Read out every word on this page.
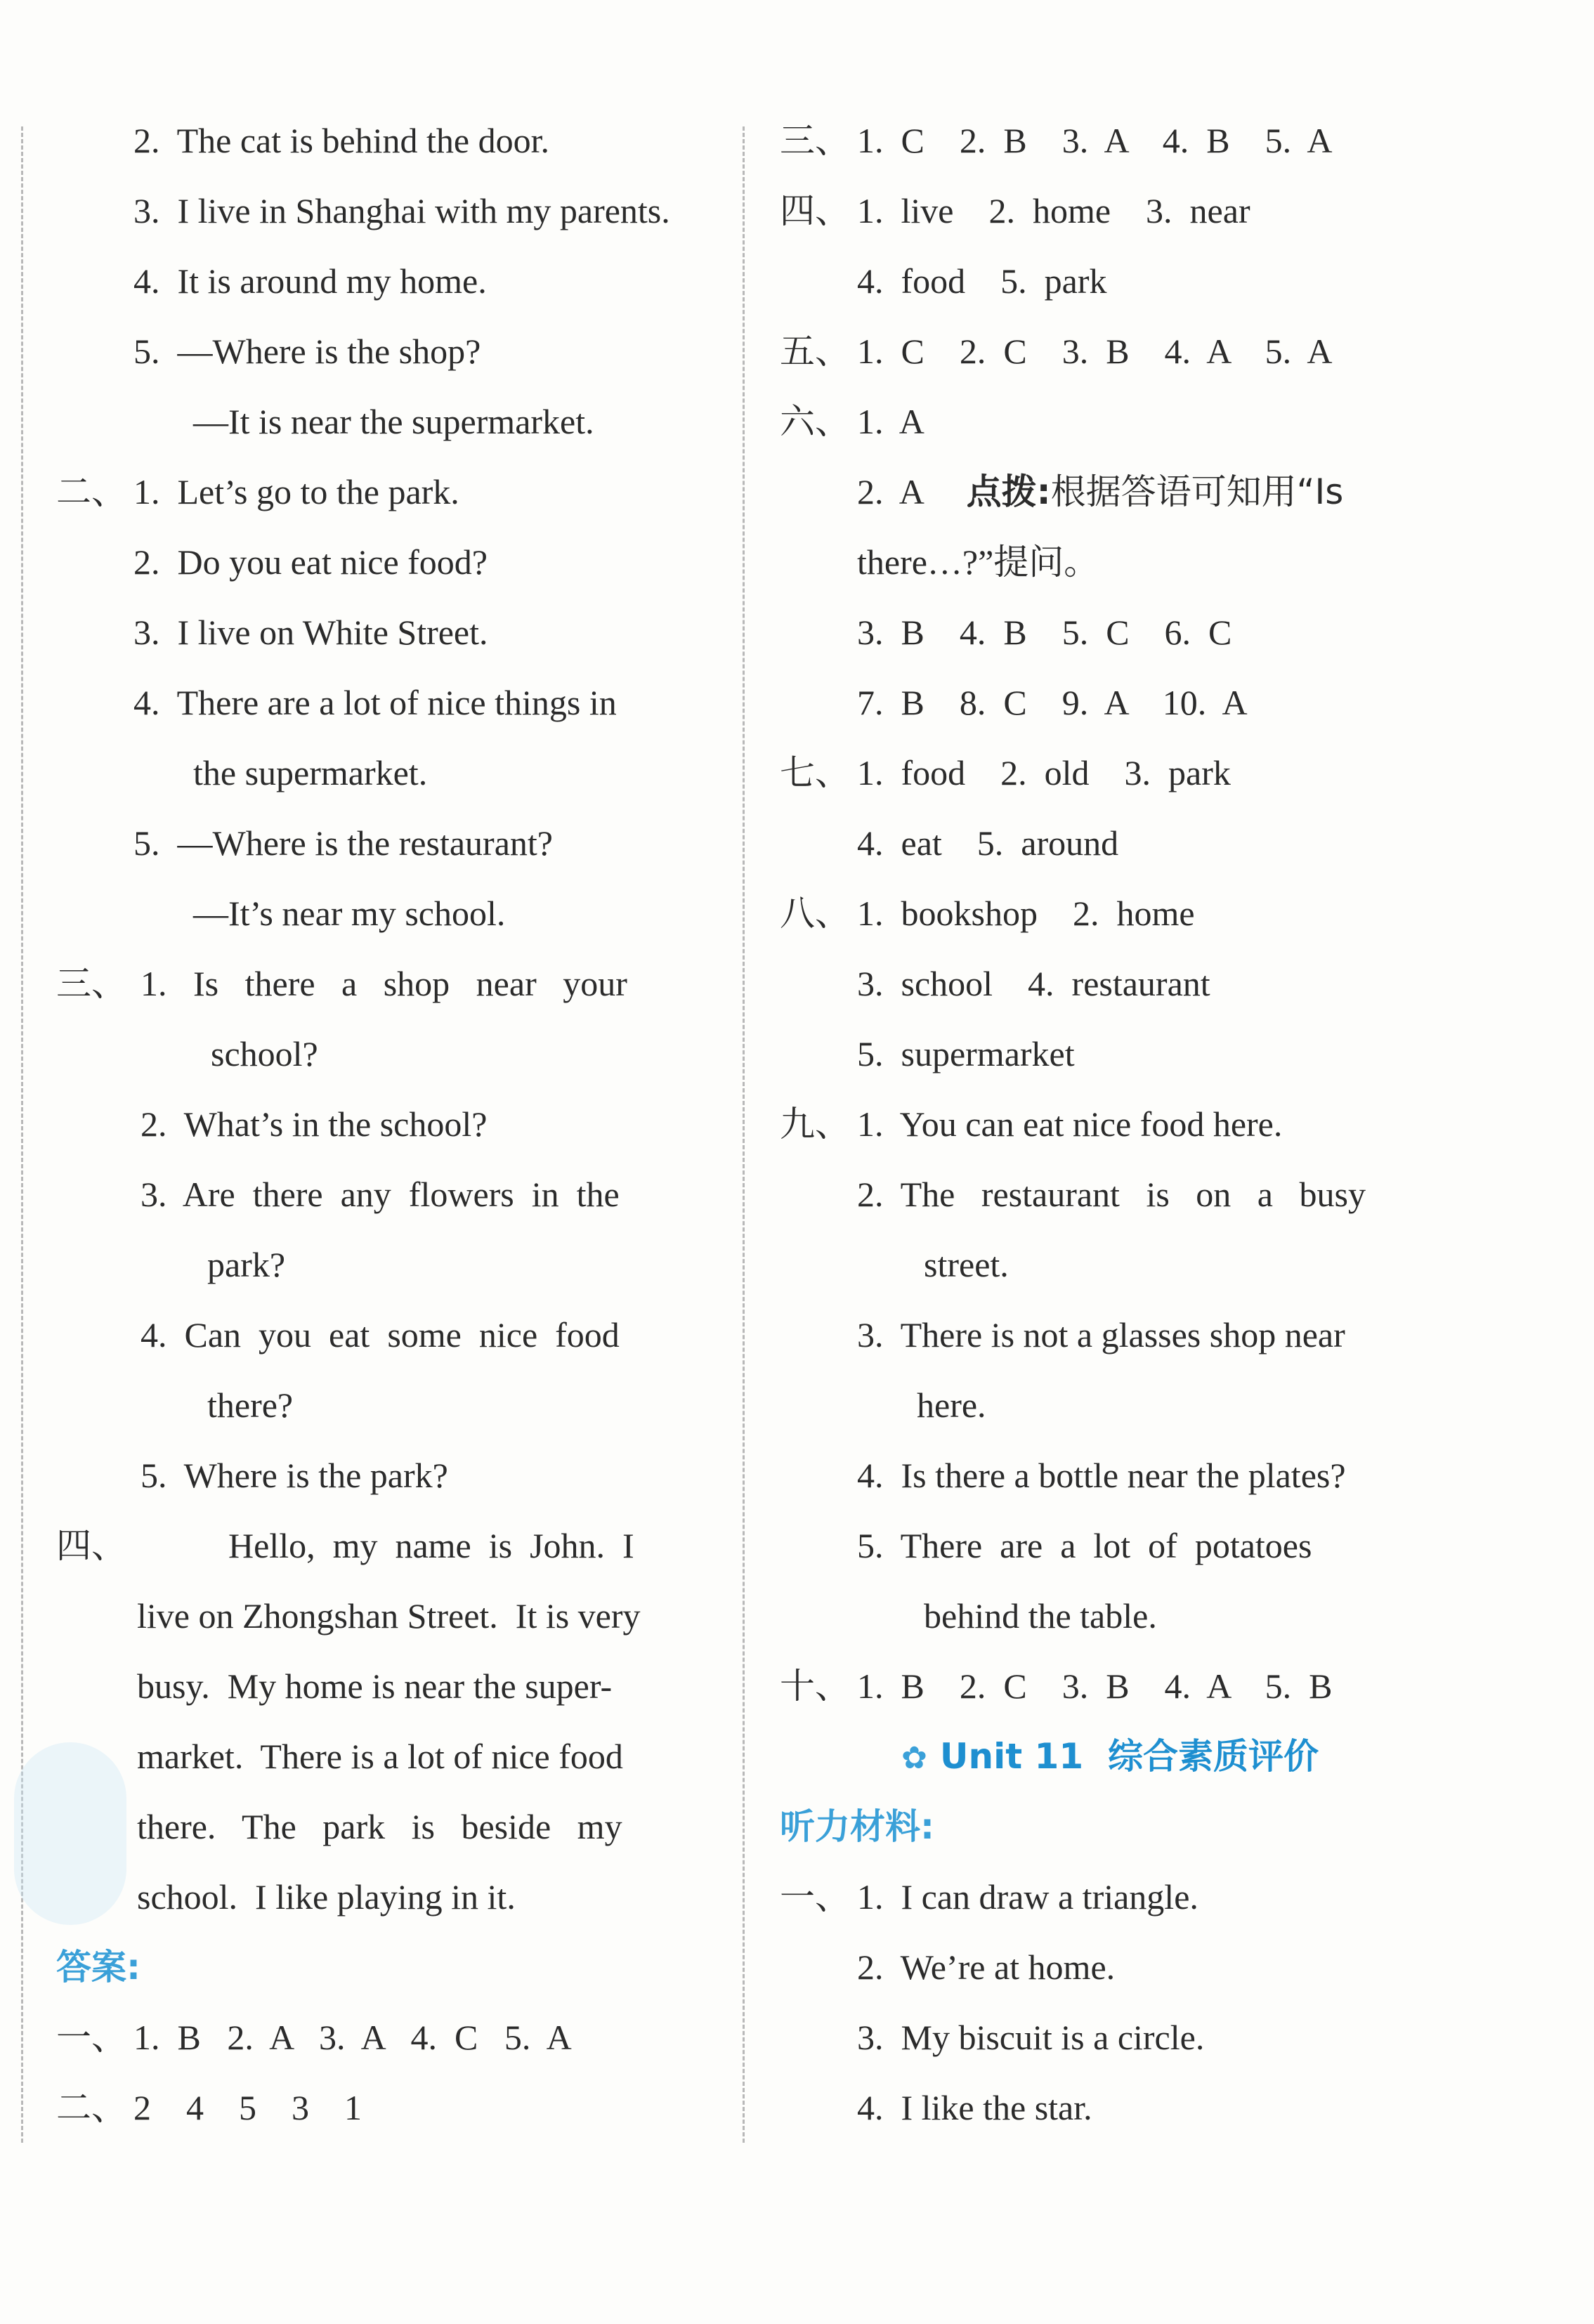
2.  The cat is behind the door.
3.  I live in Shanghai with my parents.
4.  It is around my home.
5.  —Where is the shop?
—It is near the supermarket.
二、 1.  Let’s go to the park.
2.  Do you eat nice food?
3.  I live on White Street.
4.  There are a lot of nice things in
the supermarket.
5.  —Where is the restaurant?
—It’s near my school.
三、 1.   Is   there   a   shop   near   your
school?
2.  What’s in the school?
3.  Are  there  any  flowers  in  the
park?
4.  Can  you  eat  some  nice  food
there?
5.  Where is the park?
四、	Hello,  my  name  is  John.  I
live on Zhongshan Street.  It is very
busy.  My home is near the super-
market.  There is a lot of nice food
there.   The   park   is   beside   my
school.  I like playing in it.
答案:
一、 1.  B   2.  A   3.  A   4.  C   5.  A
二、 2    4    5    3    1
三、 1.  C    2.  B    3.  A    4.  B    5.  A
四、 1.  live    2.  home    3.  near
4.  food    5.  park
五、 1.  C    2.  C    3.  B    4.  A    5.  A
六、 1.  A
2.  A 点拨:根据答语可知用“Is
there…?”提问。
3.  B    4.  B    5.  C    6.  C
7.  B    8.  C    9.  A    10.  A
七、 1.  food    2.  old    3.  park
4.  eat    5.  around
八、 1.  bookshop    2.  home
3.  school    4.  restaurant
5.  supermarket
九、 1.  You can eat nice food here.
2.  The   restaurant   is   on   a   busy
street.
3.  There is not a glasses shop near
here.
4.  Is there a bottle near the plates?
5.  There  are  a  lot  of  potatoes
behind the table.
十、 1.  B    2.  C    3.  B    4.  A    5.  B
✿ Unit 11 综合素质评价
听力材料:
一、 1.  I can draw a triangle.
2.  We’re at home.
3.  My biscuit is a circle.
4.  I like the star.
